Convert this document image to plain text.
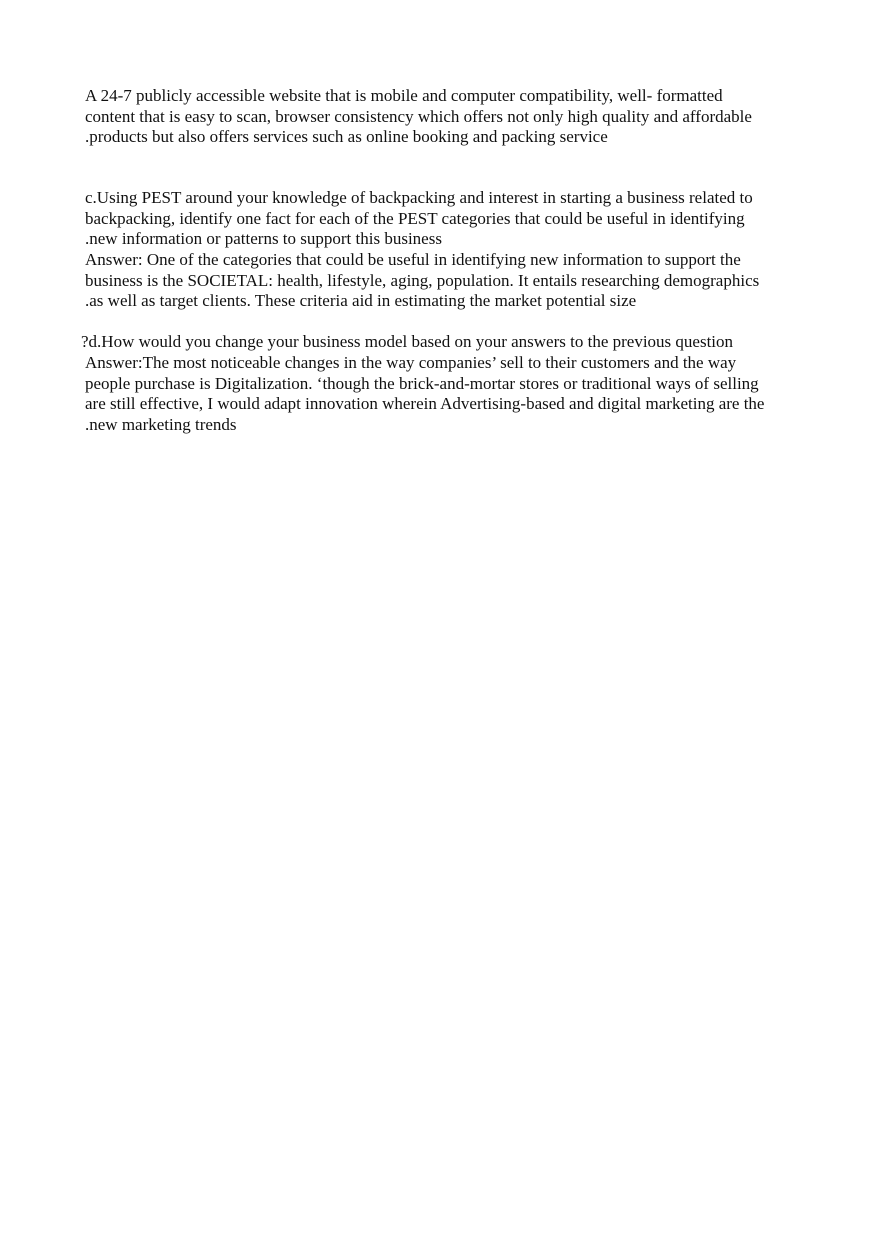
A 24-7 publicly accessible website that is mobile and computer compatibility, well- formatted
content that is easy to scan, browser consistency which offers not only high quality and affordable
.products but also offers services such as online booking and packing service
c.Using PEST around your knowledge of backpacking and interest in starting a business related to
backpacking, identify one fact for each of the PEST categories that could be useful in identifying
.new information or patterns to support this business
Answer: One of the categories that could be useful in identifying new information to support the
business is the SOCIETAL: health, lifestyle, aging, population. It entails researching demographics
.as well as target clients. These criteria aid in estimating the market potential size
?d.How would you change your business model based on your answers to the previous question
Answer:The most noticeable changes in the way companies’ sell to their customers and the way
people purchase is Digitalization. ‘though the brick-and-mortar stores or traditional ways of selling
are still effective, I would adapt innovation wherein Advertising-based and digital marketing are the
.new marketing trends
